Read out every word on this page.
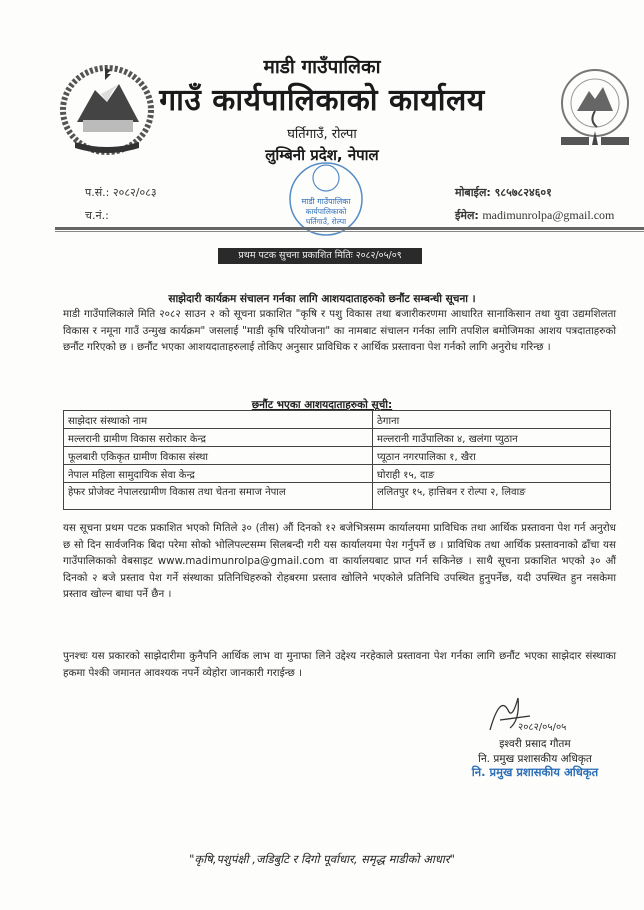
माडी गाउँपालिका
गाउँ कार्यपालिकाको कार्यालय
घर्तिगाउँ, रोल्पा
लुम्बिनी प्रदेश, नेपाल
माडी गाउँपालिका
कार्यपालिकाको
घर्तिगाउँ, रोल्पा
प.सं.: २०८२/०८३
च.नं.:
मोबाईल: ९८५७८२४६०१
ईमेल: madimunrolpa@gmail.com
प्रथम पटक सुचना प्रकाशित मितिः २०८२/०५/०९
साझेदारी कार्यक्रम संचालन गर्नका लागि आशयदाताहरुको छनौंट सम्बन्धी सूचना ।
माडी गाउँपालिकाले मिति २०८२ साउन २ को सूचना प्रकाशित "कृषि र पशु विकास तथा बजारीकरणमा आधारित सानाकिसान तथा युवा उद्यमशिलता विकास र नमूना गाउँ उन्मुख कार्यक्रम" जसलाई "माडी कृषि परियोजना" का नामबाट संचालन गर्नका लागि तपशिल बमोजिमका आशय पत्रदाताहरुको छनौंट गरिएको छ । छनौंट भएका आशयदाताहरुलाई तोकिए अनुसार प्राविधिक र आर्थिक प्रस्तावना पेश गर्नको लागि अनुरोध गरिन्छ ।
छनौंट भएका आशयदाताहरुको सूची:
साझेदार संस्थाको नाम	ठेगाना
मल्लरानी ग्रामीण विकास सरोकार केन्द्र	मल्लरानी गाउँपालिका ४, खलंगा प्युठान
फूलबारी एकिकृत ग्रामीण विकास संस्था	प्यूठान नगरपालिका १, खैरा
नेपाल महिला सामुदायिक सेवा केन्द्र	घोराही १५, दाङ
हेफर प्रोजेक्ट नेपालरग्रामीण विकास तथा चेतना समाज नेपाल	ललितपुर १५, हात्तिबन र रोल्पा २, लिवाङ
यस सूचना प्रथम पटक प्रकाशित भएको मितिले ३० (तीस) औं दिनको १२ बजेभित्रसम्म कार्यालयमा प्राविधिक तथा आर्थिक प्रस्तावना पेश गर्न अनुरोध छ सो दिन सार्वजनिक बिदा परेमा सोको भोलिपल्टसम्म सिलबन्दी गरी यस कार्यालयमा पेश गर्नुपर्ने छ । प्राविधिक तथा आर्थिक प्रस्तावनाको ढाँचा यस गाउँपालिकाको वेबसाइट www.madimunrolpa@gmail.com वा कार्यालयबाट प्राप्त गर्न सकिनेछ । साथै सूचना प्रकाशित भएको ३० औं दिनको २ बजे प्रस्ताव पेश गर्ने संस्थाका प्रतिनिधिहरुको रोहबरमा प्रस्ताव खोलिने भएकोले प्रतिनिधि उपस्थित हुनुपर्नेछ, यदी उपस्थित हुन नसकेमा प्रस्ताव खोल्न बाधा पर्ने छैन ।
पुनश्चः यस प्रकारको साझेदारीमा कुनैपनि आर्थिक लाभ वा मुनाफा लिने उद्देश्य नरहेकाले प्रस्तावना पेश गर्नका लागि छनौंट भएका साझेदार संस्थाका हकमा पेश्की जमानत आवश्यक नपर्ने व्येहोरा जानकारी गराईन्छ ।
२०८२/०५/०५
इश्वरी प्रसाद गौतम
नि. प्रमुख प्रशासकीय अधिकृत
नि. प्रमुख प्रशासकीय अधिकृत
"कृषि,पशुपंक्षी ,जडिबुटि र दिगो पूर्वाधार, समृद्ध माडीको आधार"
